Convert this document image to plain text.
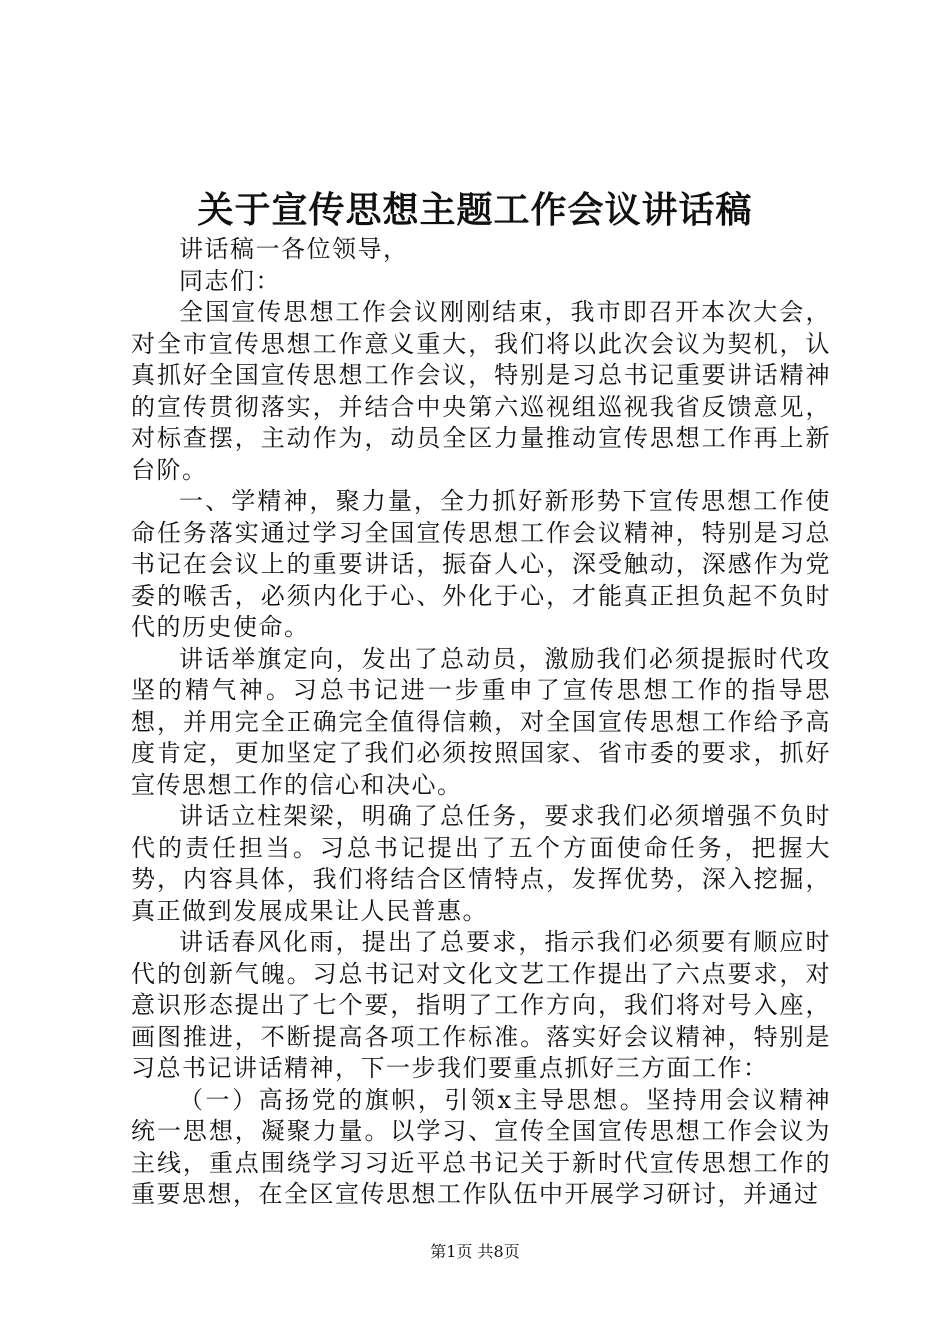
关于宣传思想主题工作会议讲话稿

讲话稿一各位领导，

同志们：

全国宣传思想工作会议刚刚结束，我市即召开本次大会，对全市宣传思想工作意义重大，我们将以此次会议为契机，认真抓好全国宣传思想工作会议，特别是习总书记重要讲话精神的宣传贯彻落实，并结合中央第六巡视组巡视我省反馈意见，对标查摆，主动作为，动员全区力量推动宣传思想工作再上新台阶。

一、学精神，聚力量，全力抓好新形势下宣传思想工作使命任务落实通过学习全国宣传思想工作会议精神，特别是习总书记在会议上的重要讲话，振奋人心，深受触动，深感作为党委的喉舌，必须内化于心、外化于心，才能真正担负起不负时代的历史使命。

讲话举旗定向，发出了总动员，激励我们必须提振时代攻坚的精气神。习总书记进一步重申了宣传思想工作的指导思想，并用完全正确完全值得信赖，对全国宣传思想工作给予高度肯定，更加坚定了我们必须按照国家、省市委的要求，抓好宣传思想工作的信心和决心。

讲话立柱架梁，明确了总任务，要求我们必须增强不负时代的责任担当。习总书记提出了五个方面使命任务，把握大势，内容具体，我们将结合区情特点，发挥优势，深入挖掘，真正做到发展成果让人民普惠。

讲话春风化雨，提出了总要求，指示我们必须要有顺应时代的创新气魄。习总书记对文化文艺工作提出了六点要求，对意识形态提出了七个要，指明了工作方向，我们将对号入座，画图推进，不断提高各项工作标准。落实好会议精神，特别是习总书记讲话精神，下一步我们要重点抓好三方面工作：

（一）高扬党的旗帜，引领x主导思想。坚持用会议精神统一思想，凝聚力量。以学习、宣传全国宣传思想工作会议为主线，重点围绕学习习近平总书记关于新时代宣传思想工作的重要思想，在全区宣传思想工作队伍中开展学习研讨，并通过

第1页 共8页
